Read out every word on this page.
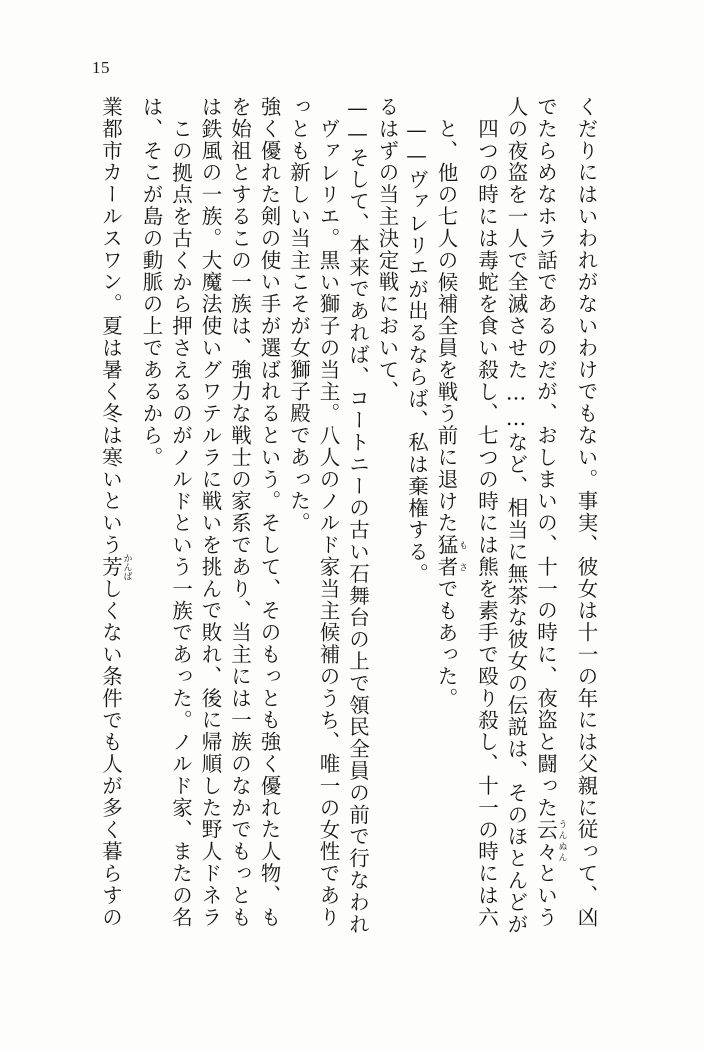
15
業都市カールスワン。夏は暑く冬は寒いという芳 かんばしくない条件でも人が多く暮らすの
は、そこが島の動脈の上であるから。 この拠点を古くから押さえるのがノルドという一族であった。ノルド家、またの名 は鉄風の一族。大魔法使いグワテルラに戦いを挑んで敗れ、後に帰順した野人ドネラ を始祖とするこの一族は、強力な戦士の家系であり、当主には一族のなかでもっとも 強く優れた剣の使い手が選ばれるという。そして、そのもっとも強く優れた人物、も っとも新しい当主こそが女獅子殿であった。 ヴァレリエ。黒い獅子の当主。八人のノルド家当主候補のうち、唯一の女性であり ——そして、本来であれば、コートニーの古い石舞台の上で領民全員の前で行なわれ るはずの当主決定戦において、 ——ヴァレリエが出るならば、私は棄権する。 と、他の七人の候補全員を戦う前に退けた猛者 もさでもあった。 四つの時には毒蛇を食い殺し、七つの時には熊を素手で殴り殺し、十一の時には六 人の夜盗を一人で全滅させた……など、相当に無茶な彼女の伝説は、そのほとんどが でたらめなホラ話であるのだが、おしまいの、十一の時に、夜盗と闘った云々 うんぬんという くだりにはいわれがないわけでもない。事実、彼女は十一の年には父親に従って、凶
